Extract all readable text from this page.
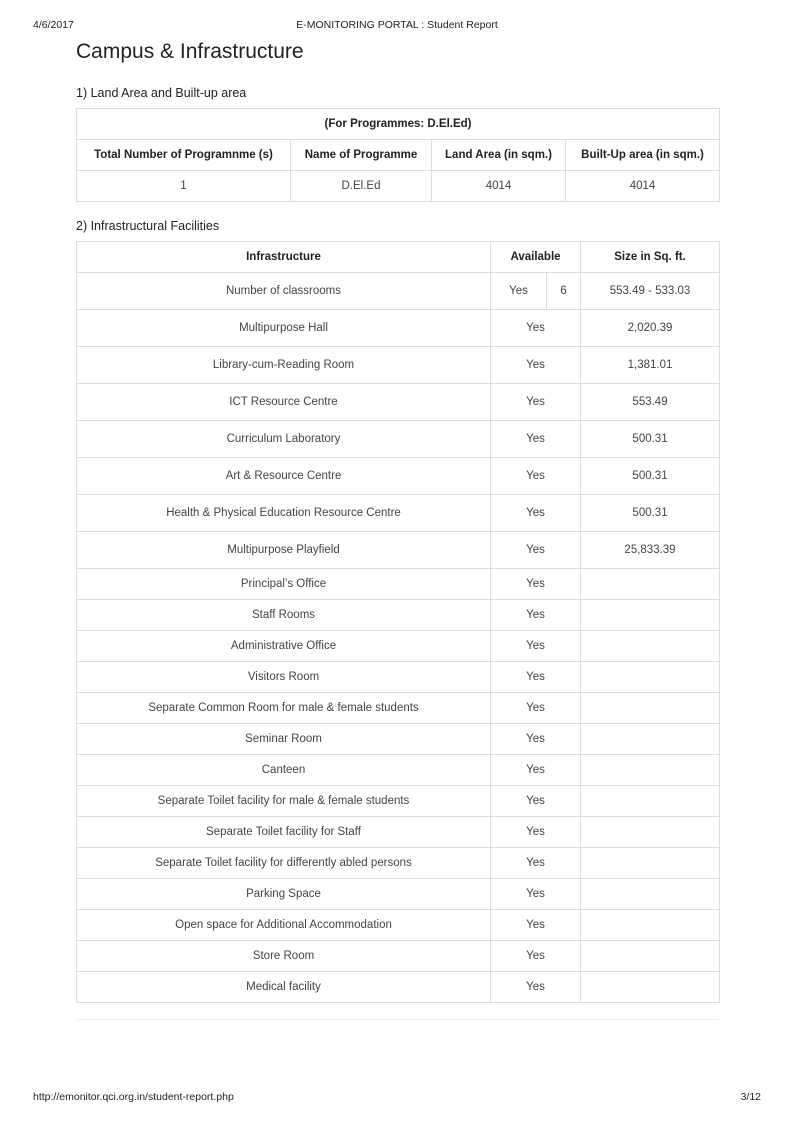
4/6/2017	E-MONITORING PORTAL : Student Report
Campus & Infrastructure
1) Land Area and Built-up area
(For Programmes: D.El.Ed)			
Total Number of Programnme (s)	Name of Programme	Land Area (in sqm.)	Built-Up area (in sqm.)
1	D.El.Ed	4014	4014
2) Infrastructural Facilities
Infrastructure	Available		Size in Sq. ft.
Number of classrooms	Yes	6	553.49 - 533.03
Multipurpose Hall	Yes		2,020.39
Library-cum-Reading Room	Yes		1,381.01
ICT Resource Centre	Yes		553.49
Curriculum Laboratory	Yes		500.31
Art & Resource Centre	Yes		500.31
Health & Physical Education Resource Centre	Yes		500.31
Multipurpose Playfield	Yes		25,833.39
Principal’s Office	Yes		
Staff Rooms	Yes		
Administrative Office	Yes		
Visitors Room	Yes		
Separate Common Room for male & female students	Yes		
Seminar Room	Yes		
Canteen	Yes		
Separate Toilet facility for male & female students	Yes		
Separate Toilet facility for Staff	Yes		
Separate Toilet facility for differently abled persons	Yes		
Parking Space	Yes		
Open space for Additional Accommodation	Yes		
Store Room	Yes		
Medical facility	Yes		
http://emonitor.qci.org.in/student-report.php	3/12
